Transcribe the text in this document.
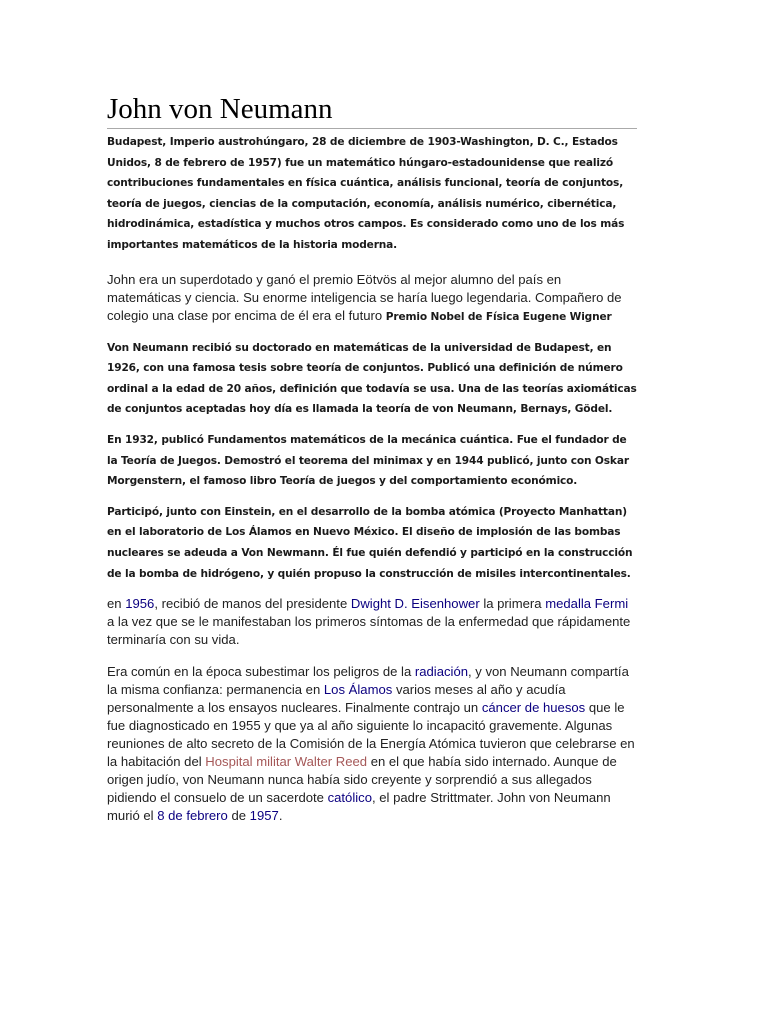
John von Neumann

Budapest, Imperio austrohúngaro, 28 de diciembre de 1903-Washington, D. C., Estados Unidos, 8 de febrero de 1957) fue un matemático húngaro-estadounidense que realizó contribuciones fundamentales en física cuántica, análisis funcional, teoría de conjuntos, teoría de juegos, ciencias de la computación, economía, análisis numérico, cibernética, hidrodinámica, estadística y muchos otros campos. Es considerado como uno de los más importantes matemáticos de la historia moderna.

John era un superdotado y ganó el premio Eötvös al mejor alumno del país en matemáticas y ciencia. Su enorme inteligencia se haría luego legendaria. Compañero de colegio una clase por encima de él era el futuro Premio Nobel de Física Eugene Wigner

Von Neumann recibió su doctorado en matemáticas de la universidad de Budapest, en 1926, con una famosa tesis sobre teoría de conjuntos. Publicó una definición de número ordinal a la edad de 20 años, definición que todavía se usa. Una de las teorías axiomáticas de conjuntos aceptadas hoy día es llamada la teoría de von Neumann, Bernays, Gödel.

En 1932, publicó Fundamentos matemáticos de la mecánica cuántica. Fue el fundador de la Teoría de Juegos. Demostró el teorema del minimax y en 1944 publicó, junto con Oskar Morgenstern, el famoso libro Teoría de juegos y del comportamiento económico.

Participó, junto con Einstein, en el desarrollo de la bomba atómica (Proyecto Manhattan) en el laboratorio de Los Álamos en Nuevo México. El diseño de implosión de las bombas nucleares se adeuda a Von Newmann. Él fue quién defendió y participó en la construcción de la bomba de hidrógeno, y quién propuso la construcción de misiles intercontinentales.

en 1956, recibió de manos del presidente Dwight D. Eisenhower la primera medalla Fermi a la vez que se le manifestaban los primeros síntomas de la enfermedad que rápidamente terminaría con su vida.

Era común en la época subestimar los peligros de la radiación, y von Neumann compartía la misma confianza: permanencia en Los Álamos varios meses al año y acudía personalmente a los ensayos nucleares. Finalmente contrajo un cáncer de huesos que le fue diagnosticado en 1955 y que ya al año siguiente lo incapacitó gravemente. Algunas reuniones de alto secreto de la Comisión de la Energía Atómica tuvieron que celebrarse en la habitación del Hospital militar Walter Reed en el que había sido internado. Aunque de origen judío, von Neumann nunca había sido creyente y sorprendió a sus allegados pidiendo el consuelo de un sacerdote católico, el padre Strittmater. John von Neumann murió el 8 de febrero de 1957.
